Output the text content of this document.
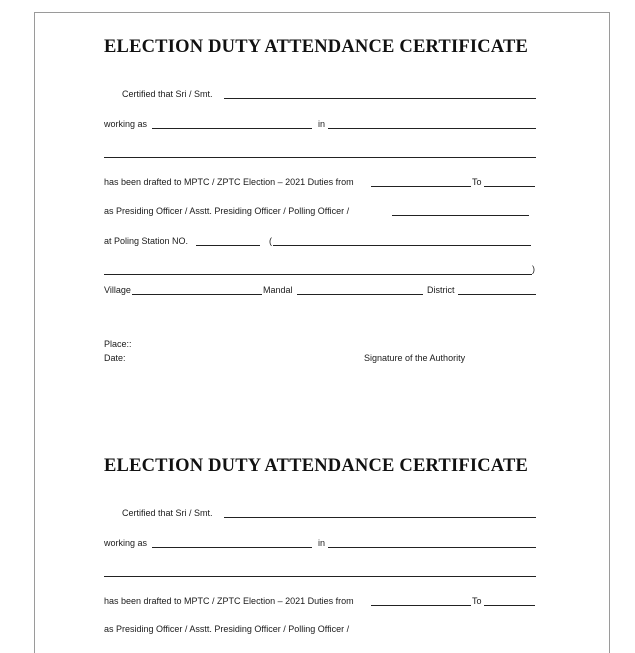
ELECTION DUTY ATTENDANCE CERTIFICATE
Certified that Sri / Smt.
working as	in
has been drafted to MPTC / ZPTC Election – 2021 Duties from	To
as Presiding Officer / Asstt. Presiding Officer / Polling Officer /
at Poling Station NO.	(
)
Village	Mandal	District
Place::
Date:	Signature of the Authority
ELECTION DUTY ATTENDANCE CERTIFICATE
Certified that Sri / Smt.
working as	in
has been drafted to MPTC / ZPTC Election – 2021 Duties from	To
as Presiding Officer / Asstt. Presiding Officer / Polling Officer /
